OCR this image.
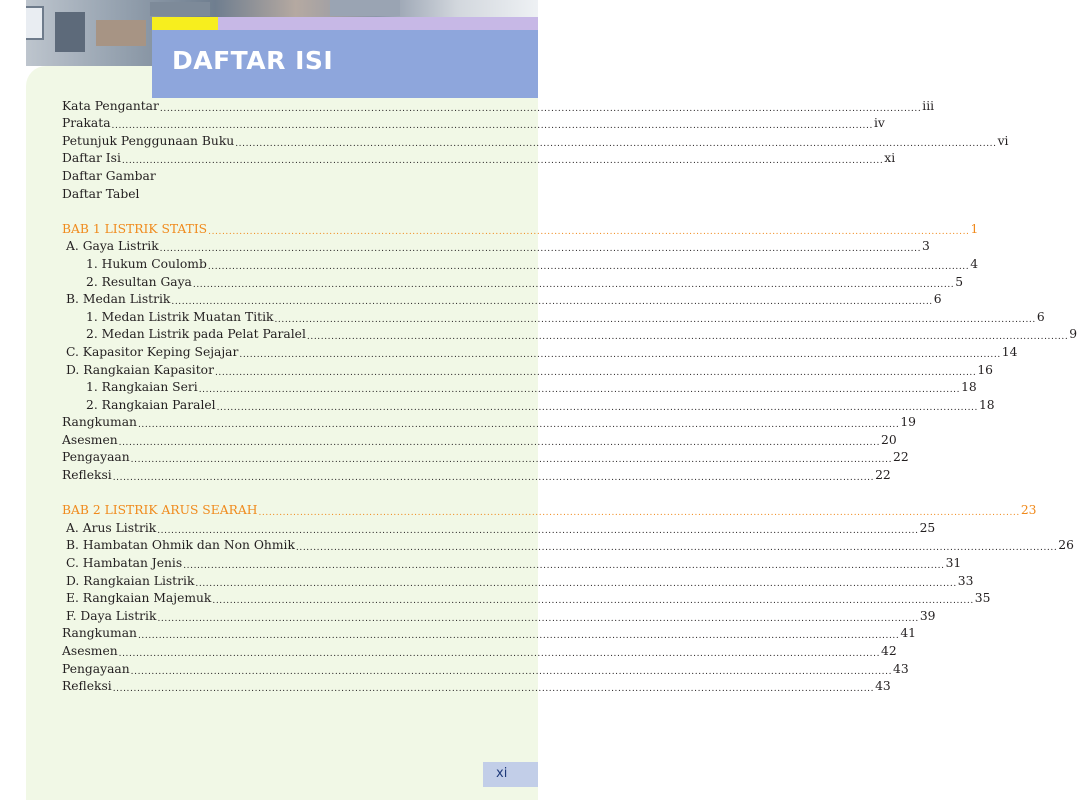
DAFTAR ISI
Kata Pengantar ............................................................................................................................................................................................................................ iii
Prakata ............................................................................................................................................................................................................................ iv
Petunjuk Penggunaan Buku ............................................................................................................................................................................................................................ vi
Daftar Isi ............................................................................................................................................................................................................................ xi
Daftar Gambar
Daftar Tabel
BAB 1 LISTRIK STATIS ............................................................................................................................................................................................................................ 1
A. Gaya Listrik ............................................................................................................................................................................................................................ 3
1. Hukum Coulomb ............................................................................................................................................................................................................................ 4
2. Resultan Gaya ............................................................................................................................................................................................................................ 5
B. Medan Listrik ............................................................................................................................................................................................................................ 6
1. Medan Listrik Muatan Titik ............................................................................................................................................................................................................................ 6
2. Medan Listrik pada Pelat Paralel ............................................................................................................................................................................................................................ 9
C. Kapasitor Keping Sejajar ............................................................................................................................................................................................................................ 14
D. Rangkaian Kapasitor ............................................................................................................................................................................................................................ 16
1. Rangkaian Seri ............................................................................................................................................................................................................................ 18
2. Rangkaian Paralel ............................................................................................................................................................................................................................ 18
Rangkuman ............................................................................................................................................................................................................................ 19
Asesmen ............................................................................................................................................................................................................................ 20
Pengayaan ............................................................................................................................................................................................................................ 22
Refleksi ............................................................................................................................................................................................................................ 22
BAB 2 LISTRIK ARUS SEARAH ............................................................................................................................................................................................................................ 23
A. Arus Listrik ............................................................................................................................................................................................................................ 25
B. Hambatan Ohmik dan Non Ohmik ............................................................................................................................................................................................................................ 26
C. Hambatan Jenis ............................................................................................................................................................................................................................ 31
D. Rangkaian Listrik ............................................................................................................................................................................................................................ 33
E. Rangkaian Majemuk ............................................................................................................................................................................................................................ 35
F. Daya Listrik ............................................................................................................................................................................................................................ 39
Rangkuman ............................................................................................................................................................................................................................ 41
Asesmen ............................................................................................................................................................................................................................ 42
Pengayaan ............................................................................................................................................................................................................................ 43
Refleksi ............................................................................................................................................................................................................................ 43
xi
